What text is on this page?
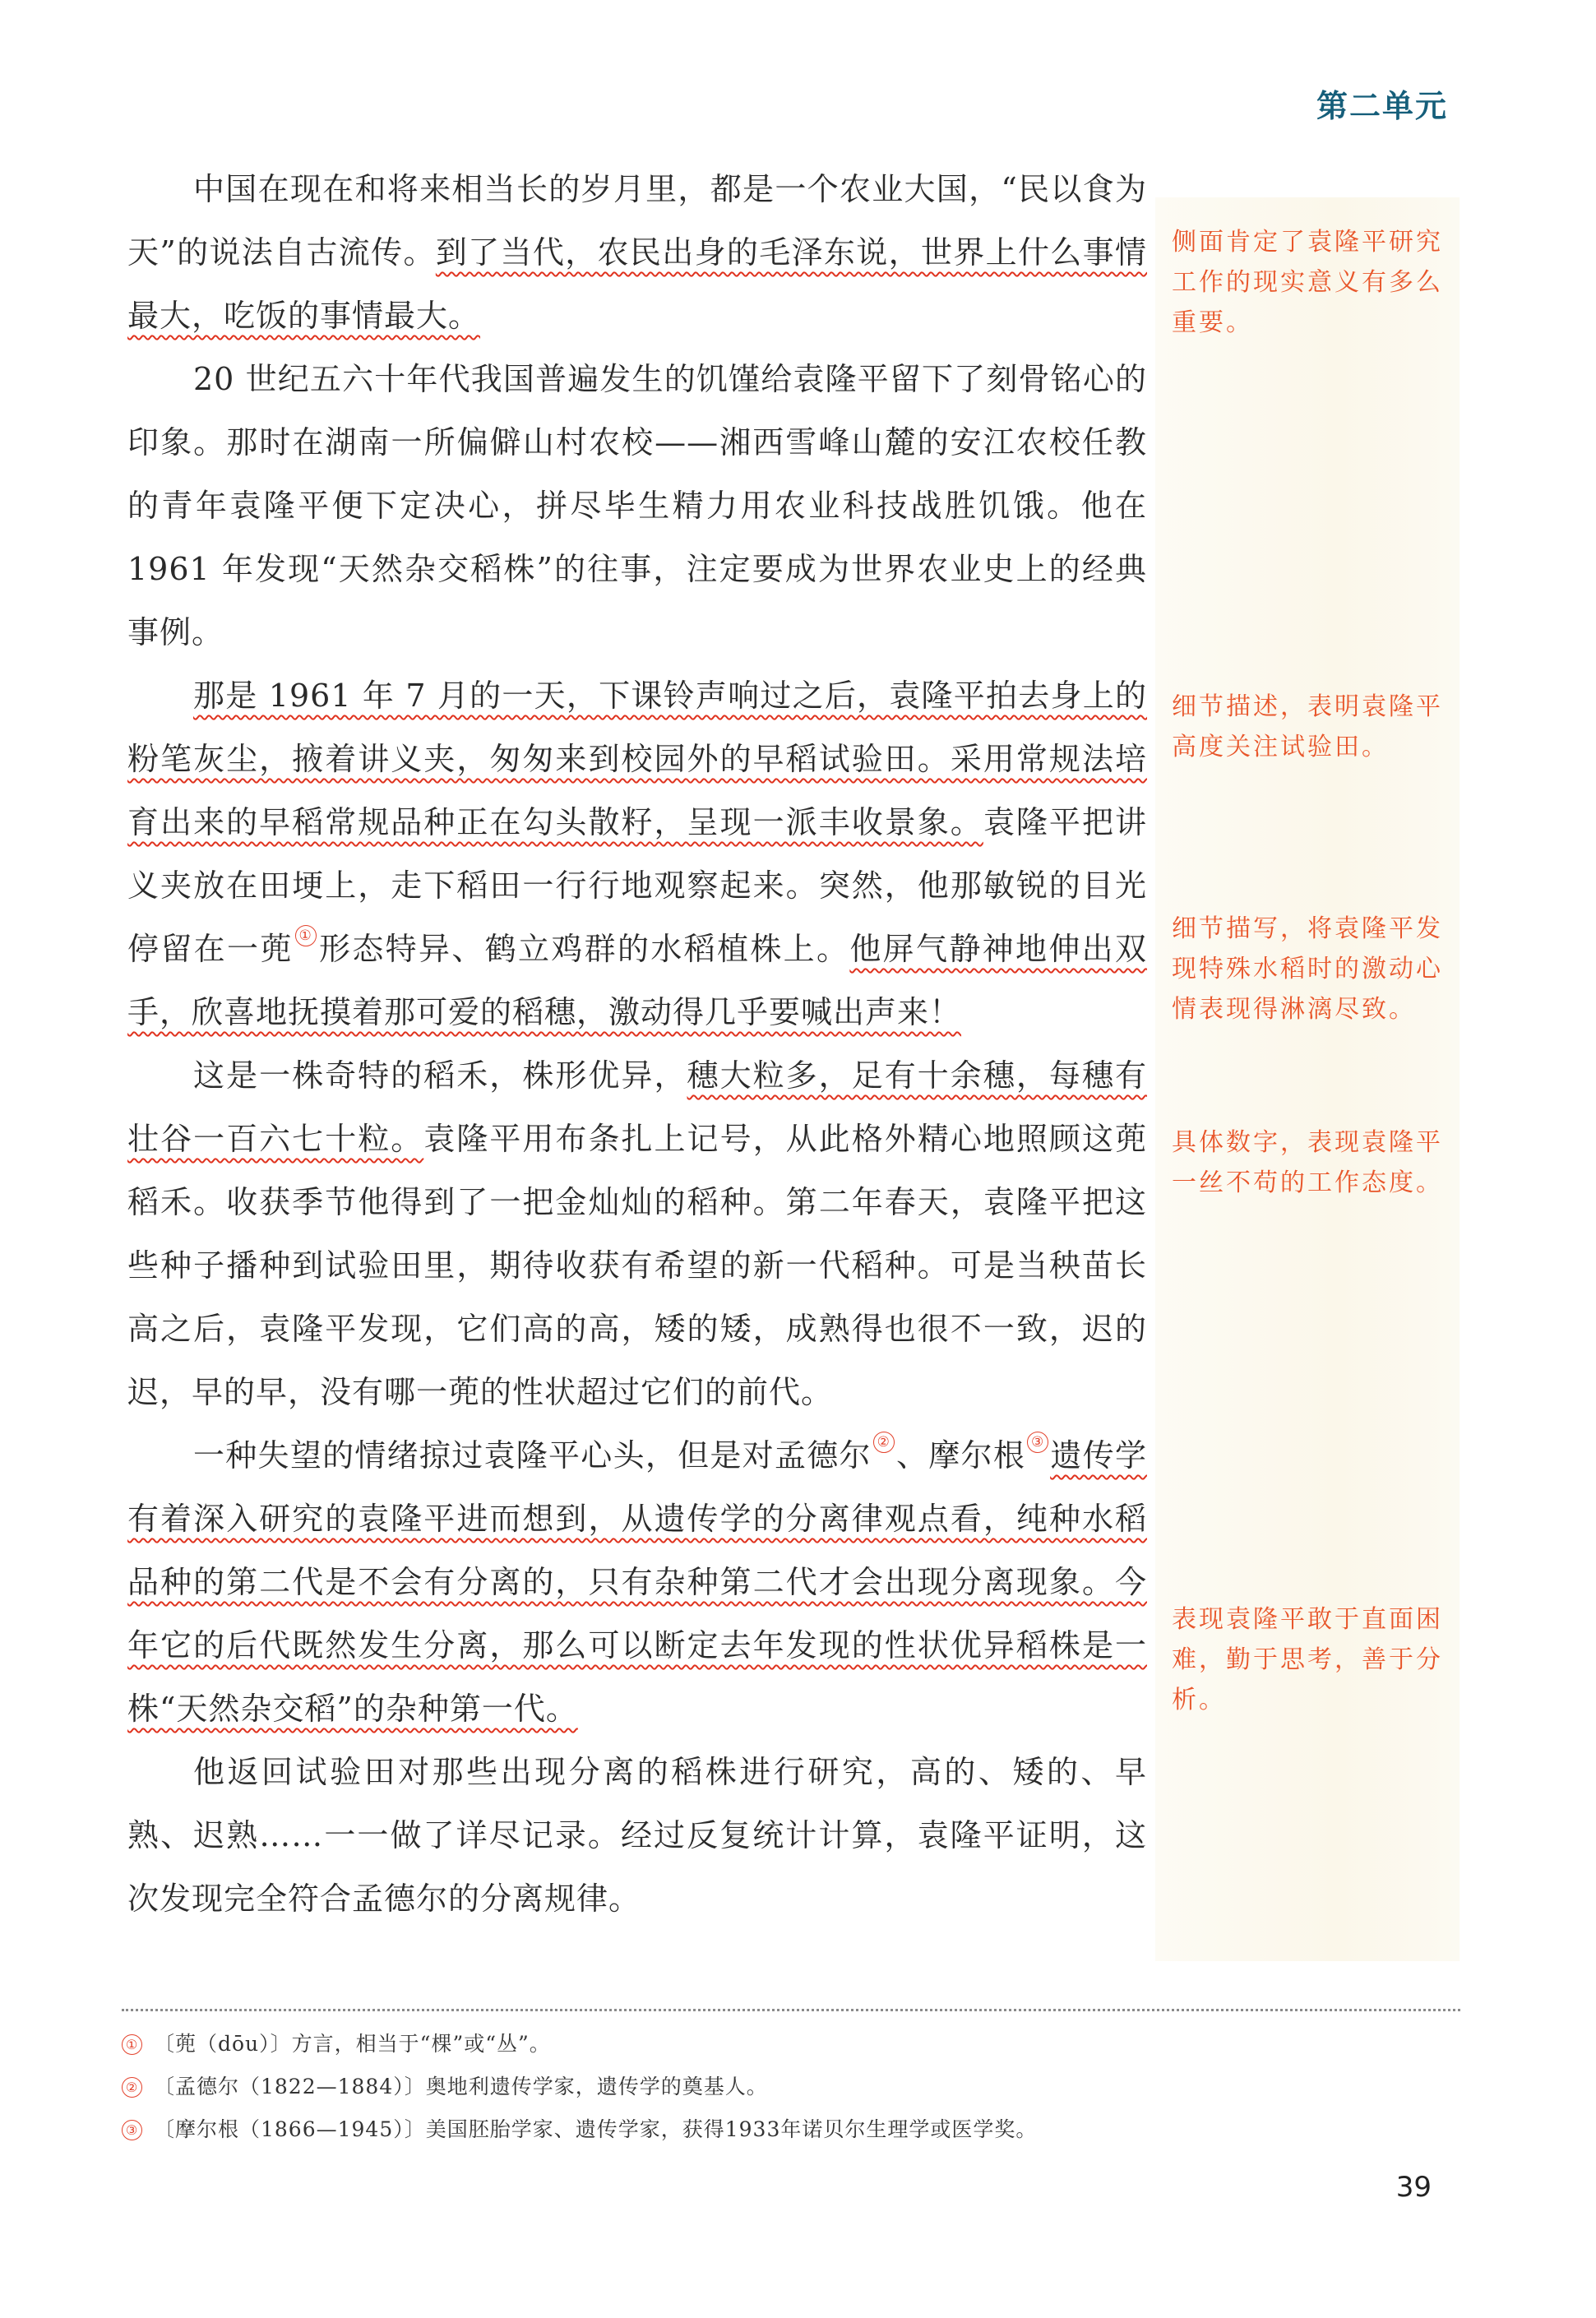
第二单元

中国在现在和将来相当长的岁月里，都是一个农业大国，“民以食为天”的说法自古流传。到了当代，农民出身的毛泽东说，世界上什么事情最大，吃饭的事情最大。

20 世纪五六十年代我国普遍发生的饥馑给袁隆平留下了刻骨铭心的印象。那时在湖南一所偏僻山村农校——湘西雪峰山麓的安江农校任教的青年袁隆平便下定决心，拼尽毕生精力用农业科技战胜饥饿。他在 1961 年发现“天然杂交稻株”的往事，注定要成为世界农业史上的经典事例。

那是 1961 年 7 月的一天，下课铃声响过之后，袁隆平拍去身上的粉笔灰尘，掖着讲义夹，匆匆来到校园外的早稻试验田。采用常规法培育出来的早稻常规品种正在勾头散籽，呈现一派丰收景象。袁隆平把讲义夹放在田埂上，走下稻田一行行地观察起来。突然，他那敏锐的目光停留在一蔸 ① 形态特异、鹤立鸡群的水稻植株上。他屏气静神地伸出双手，欣喜地抚摸着那可爱的稻穗，激动得几乎要喊出声来！

这是一株奇特的稻禾，株形优异，穗大粒多，足有十余穗，每穗有壮谷一百六七十粒。袁隆平用布条扎上记号，从此格外精心地照顾这蔸稻禾。收获季节他得到了一把金灿灿的稻种。第二年春天，袁隆平把这些种子播种到试验田里，期待收获有希望的新一代稻种。可是当秧苗长高之后，袁隆平发现，它们高的高，矮的矮，成熟得也很不一致，迟的迟，早的早，没有哪一蔸的性状超过它们的前代。

一种失望的情绪掠过袁隆平心头，但是对孟德尔 ② 、摩尔根 ③ 遗传学有着深入研究的袁隆平进而想到，从遗传学的分离律观点看，纯种水稻品种的第二代是不会有分离的，只有杂种第二代才会出现分离现象。今年它的后代既然发生分离，那么可以断定去年发现的性状优异稻株是一株“天然杂交稻”的杂种第一代。

他返回试验田对那些出现分离的稻株进行研究，高的、矮的、早熟、迟熟……一一做了详尽记录。经过反复统计计算，袁隆平证明，这次发现完全符合孟德尔的分离规律。

侧面肯定了袁隆平研究工作的现实意义有多么重要。
细节描述，表明袁隆平高度关注试验田。
细节描写，将袁隆平发现特殊水稻时的激动心情表现得淋漓尽致。
具体数字，表现袁隆平一丝不苟的工作态度。
表现袁隆平敢于直面困难，勤于思考，善于分析。
① 〔蔸（dōu）〕方言，相当于“棵”或“丛”。
② 〔孟德尔（1822—1884）〕奥地利遗传学家，遗传学的奠基人。
③ 〔摩尔根（1866—1945）〕美国胚胎学家、遗传学家，获得1933年诺贝尔生理学或医学奖。
39
